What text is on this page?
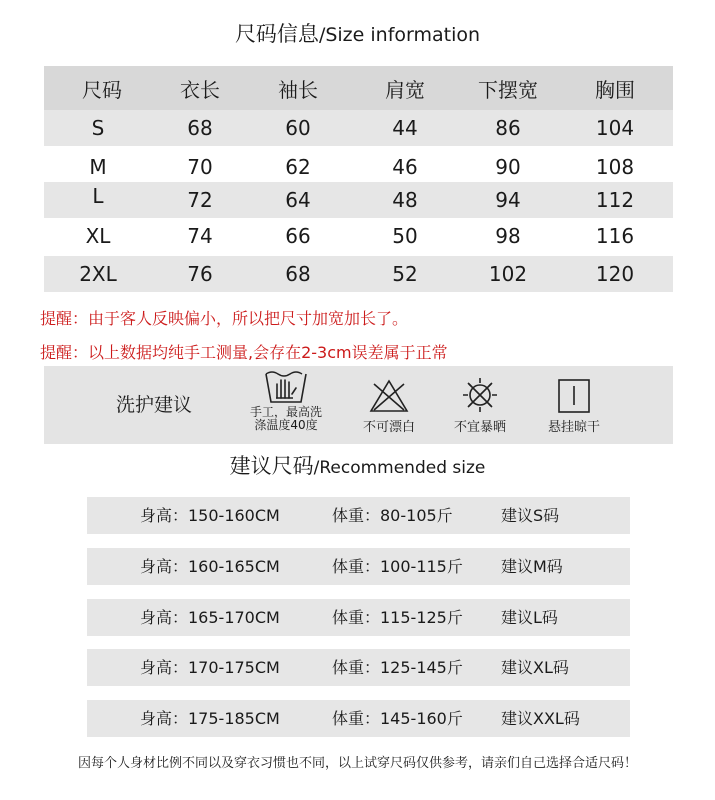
尺码信息/Size information
尺码	衣长	袖长	肩宽	下摆宽	胸围
S	68	60	44	86	104
M	70	62	46	90	108
L	72	64	48	94	112
XL	74	66	50	98	116
2XL	76	68	52	102	120
提醒：由于客人反映偏小，所以把尺寸加宽加长了。
提醒：以上数据均纯手工测量,会存在2-3cm误差属于正常
洗护建议	手工，最高洗
涤温度40度	不可漂白	不宜暴晒	悬挂晾干
建议尺码/Recommended size
身高：150-160CM	体重：80-105斤	建议S码
身高：160-165CM	体重：100-115斤 建议M码
身高：165-170CM	体重：115-125斤 建议L码
身高：170-175CM	体重：125-145斤 建议XL码
身高：175-185CM	体重：145-160斤 建议XXL码
因每个人身材比例不同以及穿衣习惯也不同，以上试穿尺码仅供参考，请亲们自己选择合适尺码！
